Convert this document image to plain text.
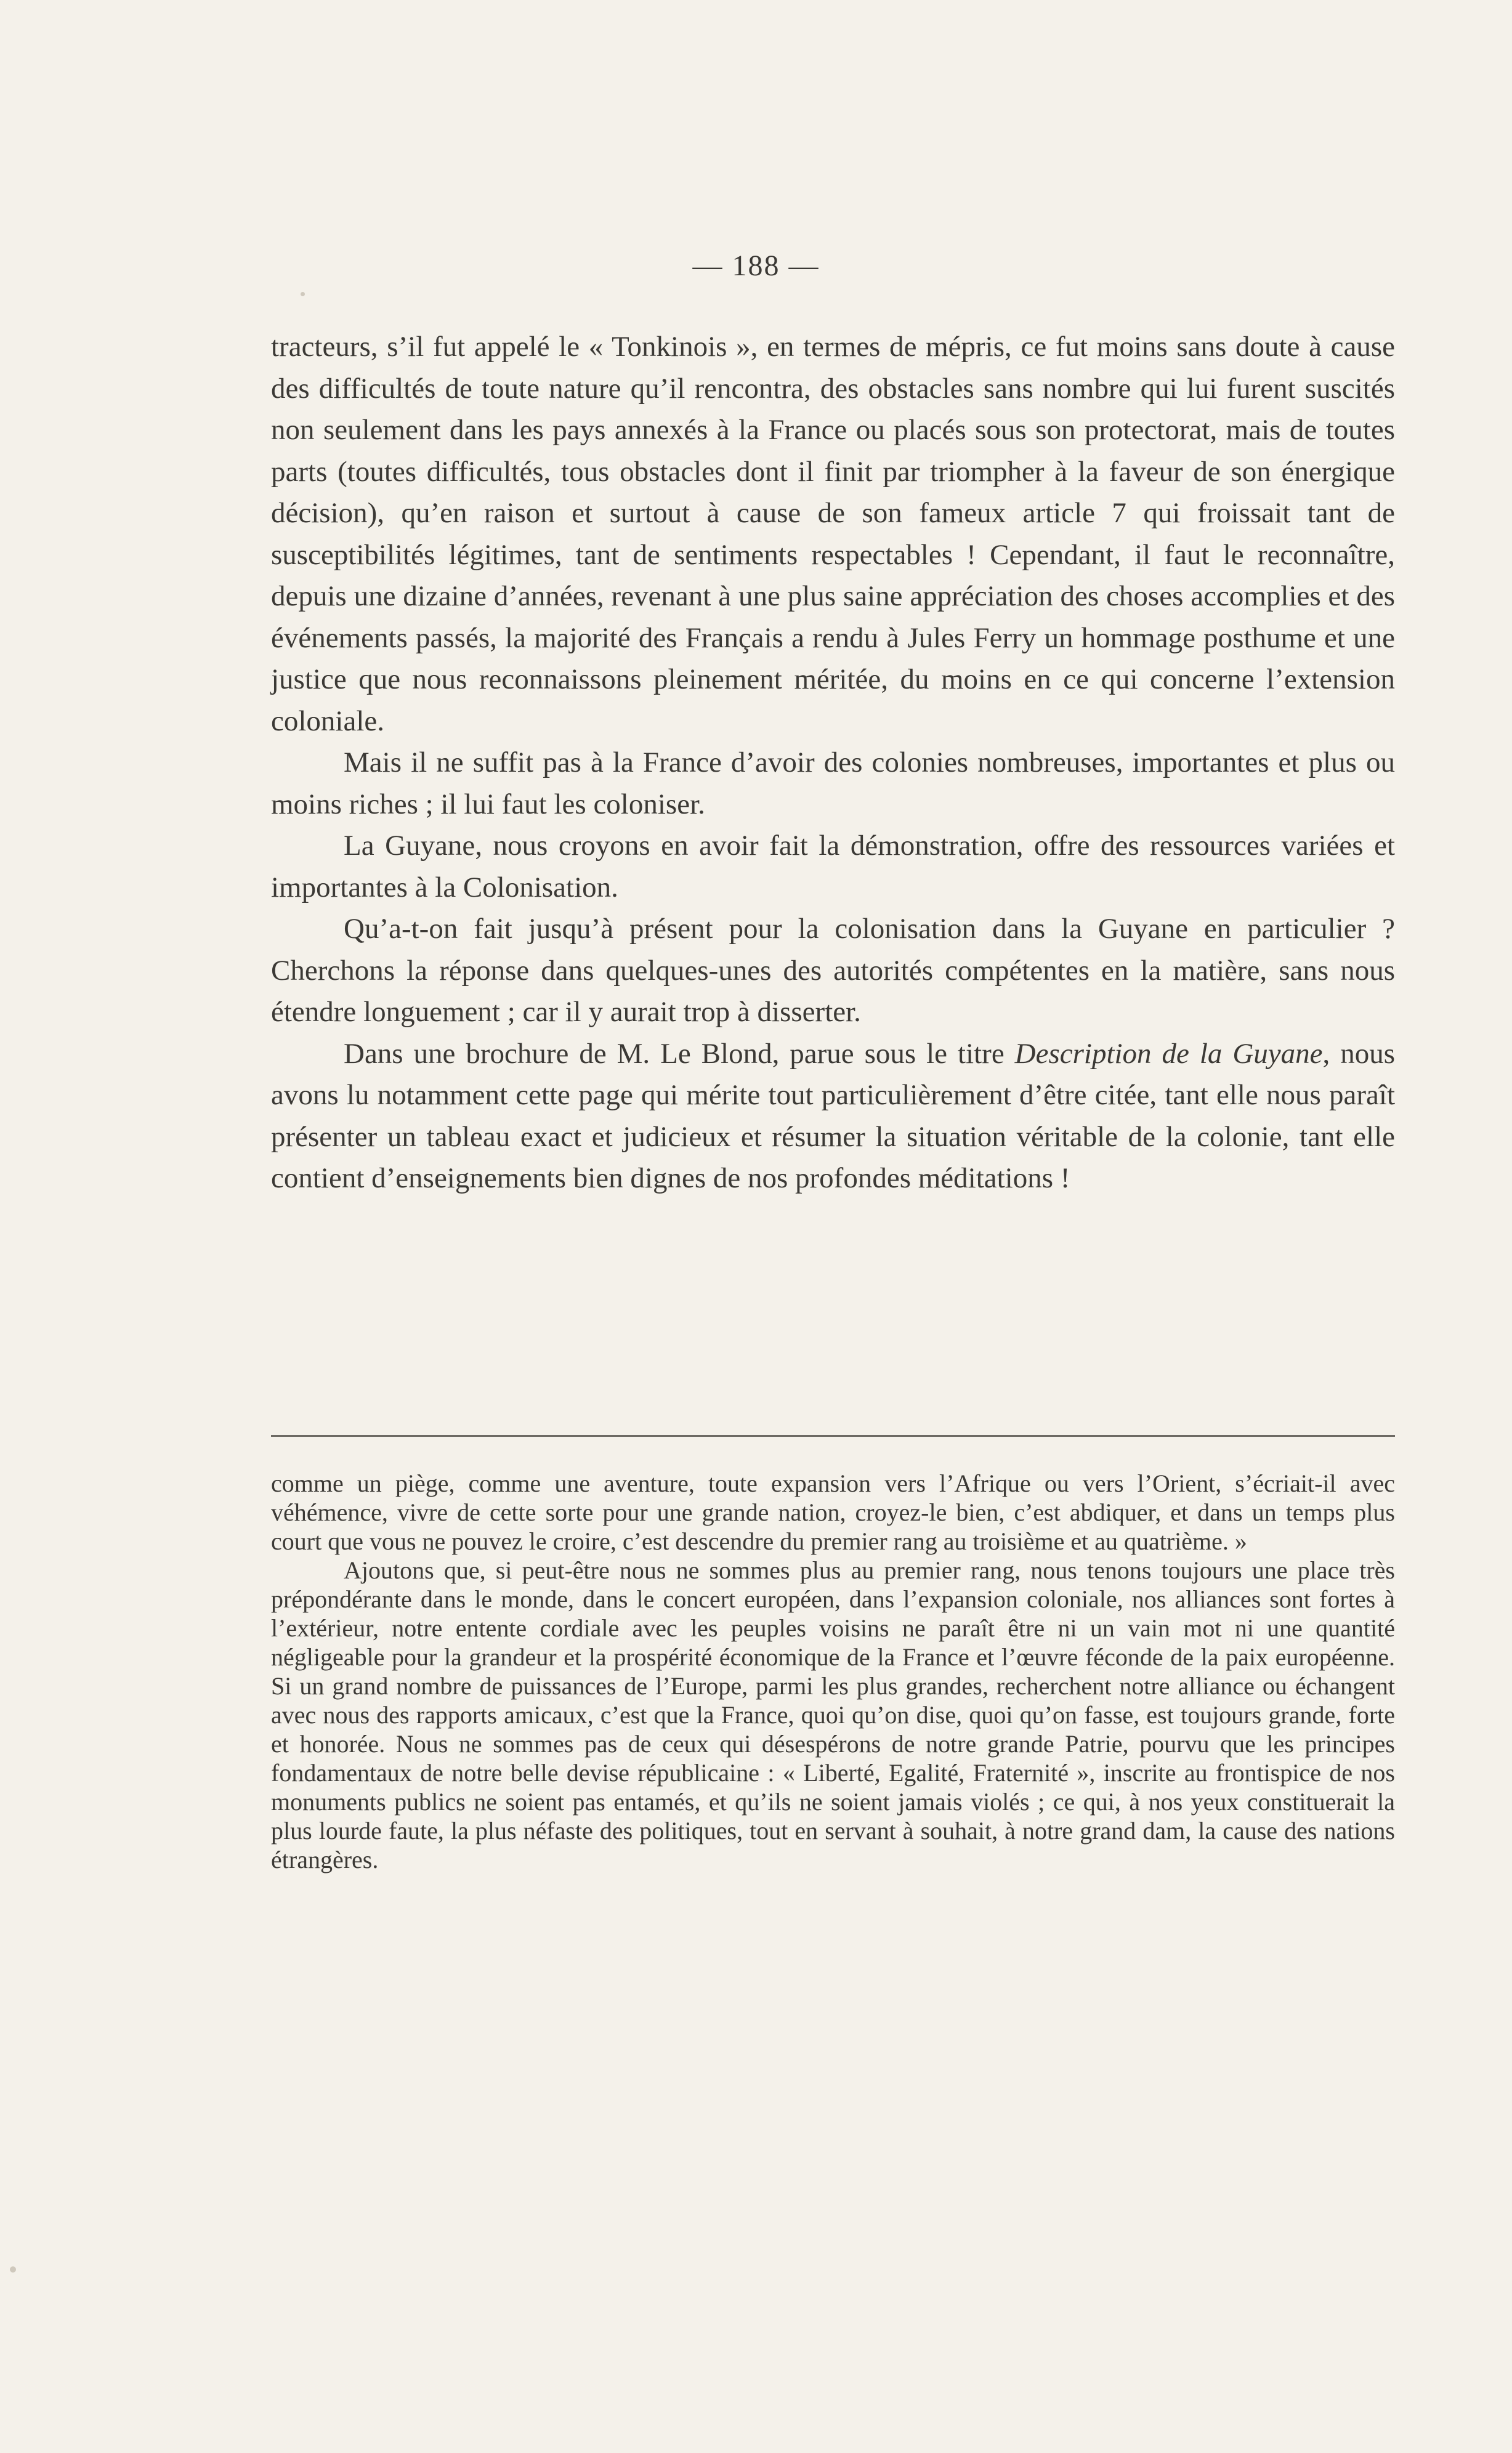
— 188 —

tracteurs, s’il fut appelé le « Tonkinois », en termes de mépris, ce fut moins sans doute à cause des difficultés de toute nature qu’il rencontra, des obstacles sans nombre qui lui furent suscités non seulement dans les pays annexés à la France ou placés sous son protectorat, mais de toutes parts (toutes difficultés, tous obstacles dont il finit par triompher à la faveur de son énergique décision), qu’en raison et surtout à cause de son fameux article 7 qui froissait tant de susceptibilités légitimes, tant de sentiments respectables ! Cependant, il faut le reconnaître, depuis une dizaine d’années, revenant à une plus saine appréciation des choses accomplies et des événements passés, la majorité des Français a rendu à Jules Ferry un hommage posthume et une justice que nous reconnaissons pleinement méritée, du moins en ce qui concerne l’extension coloniale.

Mais il ne suffit pas à la France d’avoir des colonies nombreuses, importantes et plus ou moins riches ; il lui faut les coloniser.

La Guyane, nous croyons en avoir fait la démonstration, offre des ressources variées et importantes à la Colonisation.

Qu’a-t-on fait jusqu’à présent pour la colonisation dans la Guyane en particulier ? Cherchons la réponse dans quelques-unes des autorités compétentes en la matière, sans nous étendre longuement ; car il y aurait trop à disserter.

Dans une brochure de M. Le Blond, parue sous le titre Description de la Guyane, nous avons lu notamment cette page qui mérite tout particulièrement d’être citée, tant elle nous paraît présenter un tableau exact et judicieux et résumer la situation véritable de la colonie, tant elle contient d’enseignements bien dignes de nos profondes méditations !

comme un piège, comme une aventure, toute expansion vers l’Afrique ou vers l’Orient, s’écriait-il avec véhémence, vivre de cette sorte pour une grande nation, croyez-le bien, c’est abdiquer, et dans un temps plus court que vous ne pouvez le croire, c’est descendre du premier rang au troisième et au quatrième. »

Ajoutons que, si peut-être nous ne sommes plus au premier rang, nous tenons toujours une place très prépondérante dans le monde, dans le concert européen, dans l’expansion coloniale, nos alliances sont fortes à l’extérieur, notre entente cordiale avec les peuples voisins ne paraît être ni un vain mot ni une quantité négligeable pour la grandeur et la prospérité économique de la France et l’œuvre féconde de la paix européenne. Si un grand nombre de puissances de l’Europe, parmi les plus grandes, recherchent notre alliance ou échangent avec nous des rapports amicaux, c’est que la France, quoi qu’on dise, quoi qu’on fasse, est toujours grande, forte et honorée. Nous ne sommes pas de ceux qui désespérons de notre grande Patrie, pourvu que les principes fondamentaux de notre belle devise républicaine : « Liberté, Egalité, Fraternité », inscrite au frontispice de nos monuments publics ne soient pas entamés, et qu’ils ne soient jamais violés ; ce qui, à nos yeux constituerait la plus lourde faute, la plus néfaste des politiques, tout en servant à souhait, à notre grand dam, la cause des nations étrangères.
